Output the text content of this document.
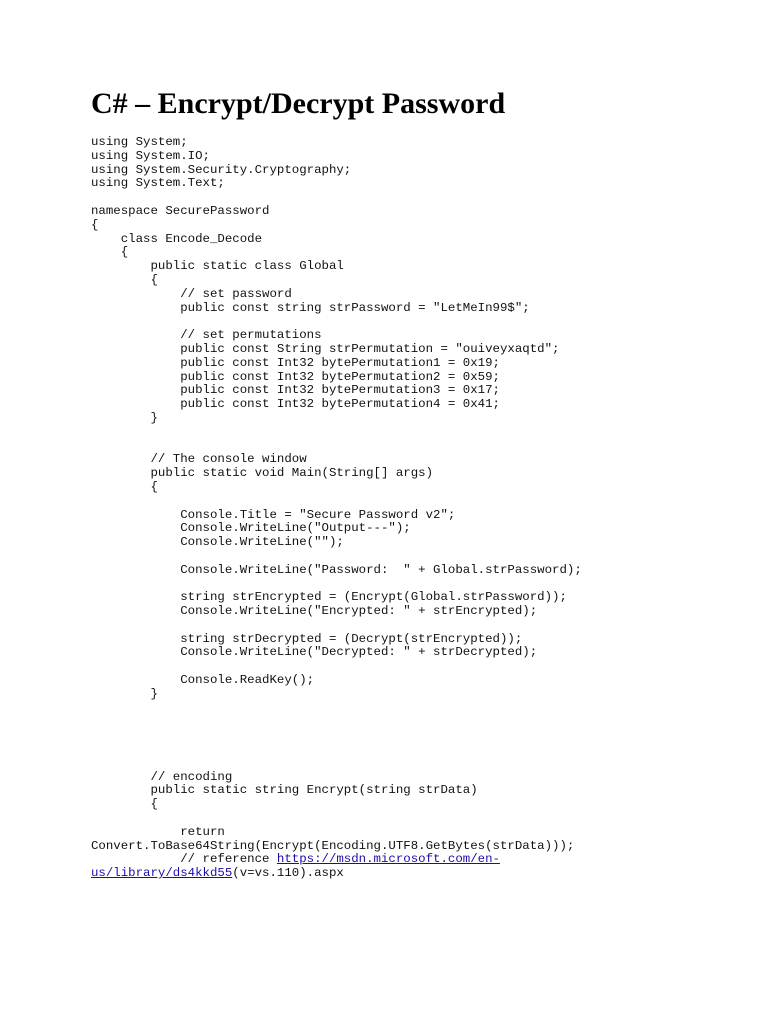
C# – Encrypt/Decrypt Password
using System;
using System.IO;
using System.Security.Cryptography;
using System.Text;
namespace SecurePassword
{
class Encode_Decode
{
public static class Global
{
// set password
public const string strPassword = "LetMeIn99$";
// set permutations
public const String strPermutation = "ouiveyxaqtd";
public const Int32 bytePermutation1 = 0x19;
public const Int32 bytePermutation2 = 0x59;
public const Int32 bytePermutation3 = 0x17;
public const Int32 bytePermutation4 = 0x41;
}
// The console window
public static void Main(String[] args)
{
Console.Title = "Secure Password v2";
Console.WriteLine("Output---");
Console.WriteLine("");
Console.WriteLine("Password:  " + Global.strPassword);
string strEncrypted = (Encrypt(Global.strPassword));
Console.WriteLine("Encrypted: " + strEncrypted);
string strDecrypted = (Decrypt(strEncrypted));
Console.WriteLine("Decrypted: " + strDecrypted);
Console.ReadKey();
}
// encoding
public static string Encrypt(string strData)
{
return
Convert.ToBase64String(Encrypt(Encoding.UTF8.GetBytes(strData)));
// reference https://msdn.microsoft.com/en-
us/library/ds4kkd55(v=vs.110).aspx
